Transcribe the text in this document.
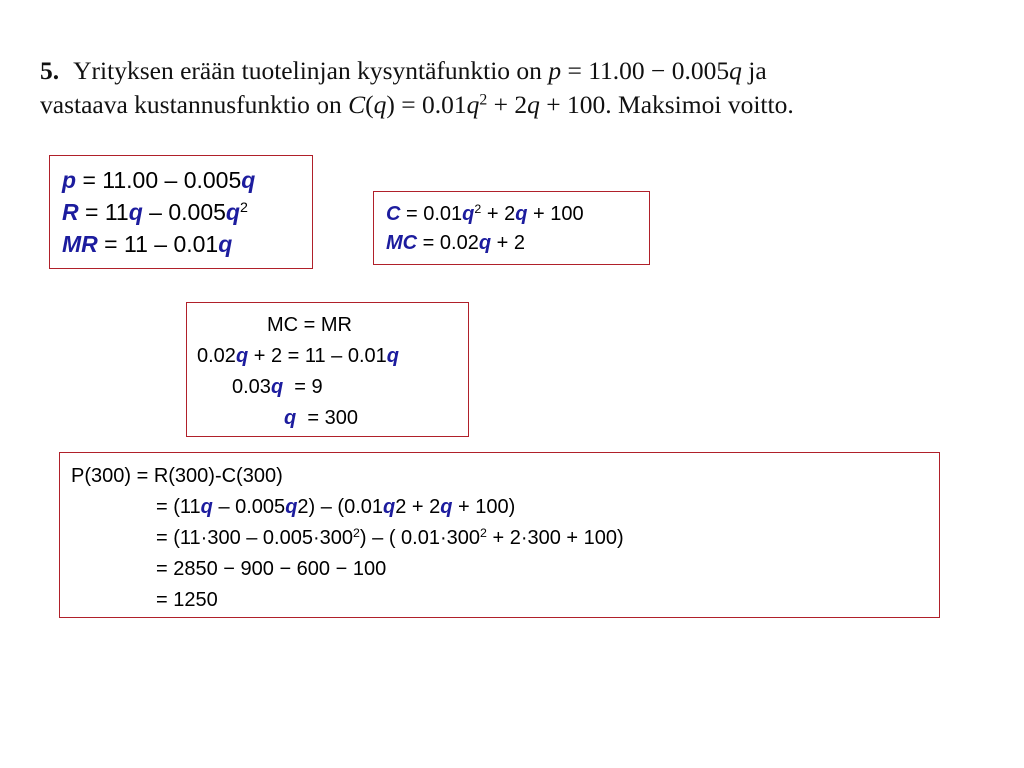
5. Yrityksen erään tuotelinjan kysyntäfunktio on p = 11.00 − 0.005q ja
vastaava kustannusfunktio on $C(q) = 0.01q^2 + 2q + 100$. Maksimoi voitto.
p = 11.00 – 0.005q
$R = 11q - 0.005q^2$
MR = 11 – 0.01q
$C = 0.01q^2 + 2q + 100$
MC = 0.02q + 2
MC = MR
0.02q + 2 = 11 – 0.01q
0.03q  = 9
q  = 300
P(300) = R(300)-C(300)
= (11q – 0.005q2) – (0.01q2 + 2q + 100)
= $(11\cdot 300 - 0.005\cdot 300^2)$ – ( $0.01\cdot 300^2 + 2\cdot 300 + 100$)
= 2850 − 900 − 600 − 100
= 1250
